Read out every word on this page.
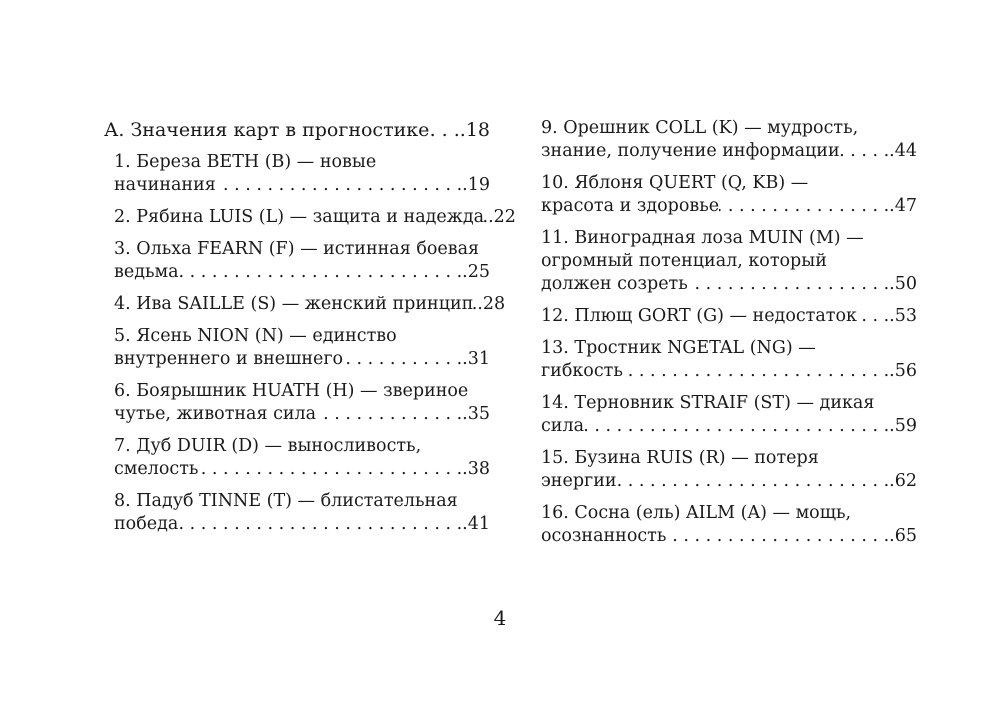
А. Значения карт в прогностике . . . .18
1. Береза BETH (B) — новые
начинания . . .	.19
2. Рябина LUIS (L) — защита и надежда . . . .22
3. Ольха FEARN (F) — истинная боевая
ведьма . . .	.25
4. Ива SAILLE (S) — женский принцип . . . .28
5. Ясень NION (N) — единство
внутреннего и внешнего . . .	.31
6. Боярышник HUATH (H) — звериное
чутье, животная сила . . .	.35
7. Дуб DUIR (D) — выносливость,
смелость . . .	.38
8. Падуб TINNE (T) — блистательная
победа . . .	.41
9. Орешник COLL (K) — мудрость,
знание, получение информации . . .	.44
10. Яблоня QUERT (Q, KB) —
красота и здоровье . . .	.47
11. Виноградная лоза MUIN (M) —
огромный потенциал, который
должен созреть . . .	.50
12. Плющ GORT (G) — недостаток . . . .53
13. Тростник NGETAL (NG) —
гибкость . . .	.56
14. Терновник STRAIF (ST) — дикая
сила . . .	.59
15. Бузина RUIS (R) — потеря
энергии . . .	.62
16. Сосна (ель) AILM (A) — мощь,
осознанность . . .	.65
4
